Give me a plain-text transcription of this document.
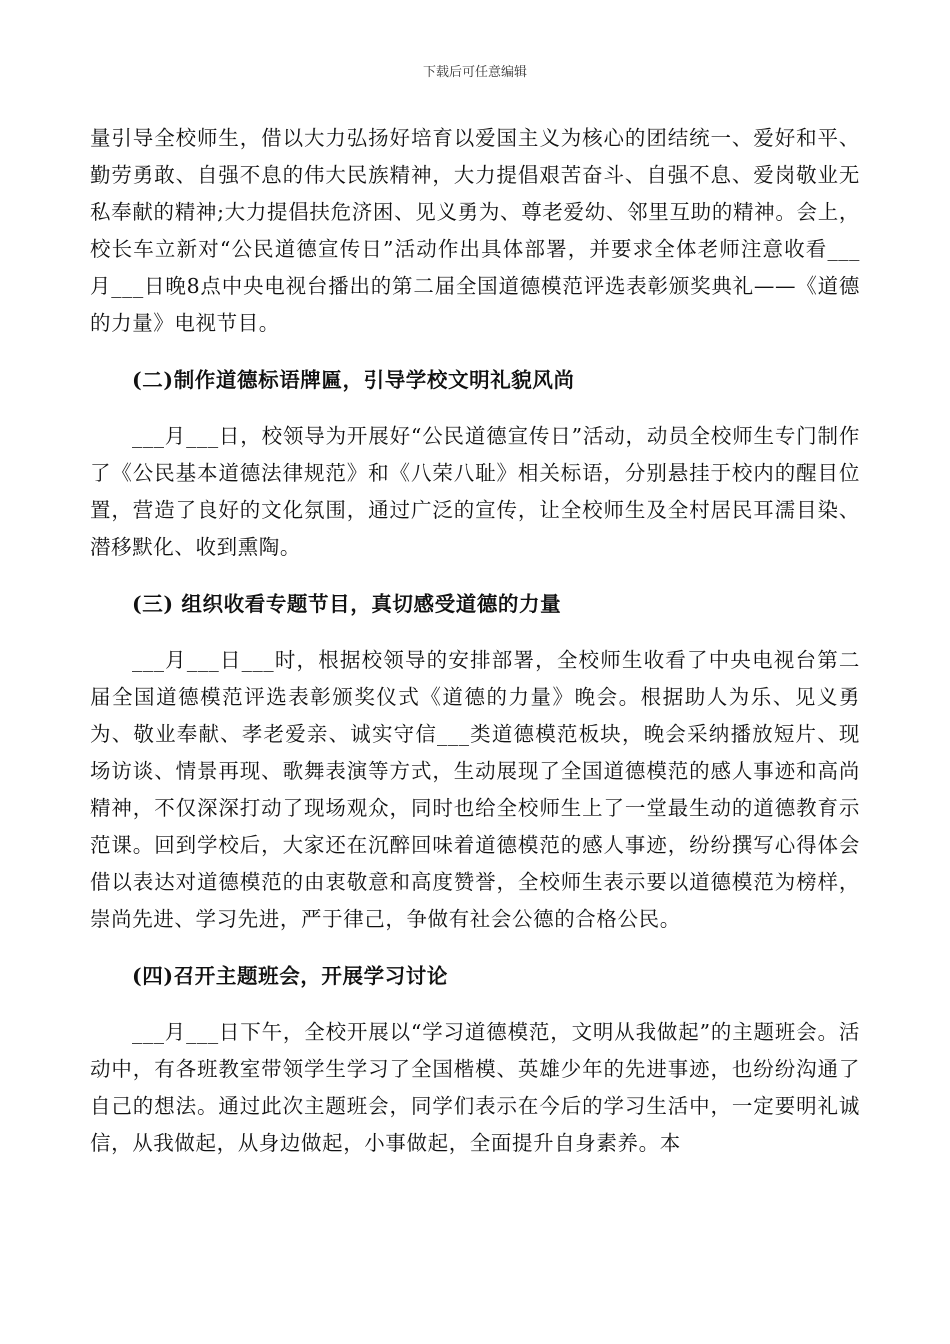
下载后可任意编辑

量引导全校师生，借以大力弘扬好培育以爱国主义为核心的团结统一、爱好和平、勤劳勇敢、自强不息的伟大民族精神，大力提倡艰苦奋斗、自强不息、爱岗敬业无私奉献的精神;大力提倡扶危济困、见义勇为、尊老爱幼、邻里互助的精神。会上，校长车立新对“公民道德宣传日”活动作出具体部署，并要求全体老师注意收看___月___日晚8点中央电视台播出的第二届全国道德模范评选表彰颁奖典礼——《道德的力量》电视节目。

(二)制作道德标语牌匾，引导学校文明礼貌风尚

___月___日，校领导为开展好“公民道德宣传日”活动，动员全校师生专门制作了《公民基本道德法律规范》和《八荣八耻》相关标语，分别悬挂于校内的醒目位置，营造了良好的文化氛围，通过广泛的宣传，让全校师生及全村居民耳濡目染、潜移默化、收到熏陶。

(三) 组织收看专题节目，真切感受道德的力量

___月___日___时，根据校领导的安排部署，全校师生收看了中央电视台第二届全国道德模范评选表彰颁奖仪式《道德的力量》晚会。根据助人为乐、见义勇为、敬业奉献、孝老爱亲、诚实守信___类道德模范板块，晚会采纳播放短片、现场访谈、情景再现、歌舞表演等方式，生动展现了全国道德模范的感人事迹和高尚精神，不仅深深打动了现场观众，同时也给全校师生上了一堂最生动的道德教育示范课。回到学校后，大家还在沉醉回味着道德模范的感人事迹，纷纷撰写心得体会借以表达对道德模范的由衷敬意和高度赞誉，全校师生表示要以道德模范为榜样，崇尚先进、学习先进，严于律己，争做有社会公德的合格公民。

(四)召开主题班会，开展学习讨论

___月___日下午，全校开展以“学习道德模范，文明从我做起”的主题班会。活动中，有各班教室带领学生学习了全国楷模、英雄少年的先进事迹，也纷纷沟通了自己的想法。通过此次主题班会，同学们表示在今后的学习生活中，一定要明礼诚信，从我做起，从身边做起，小事做起，全面提升自身素养。本
